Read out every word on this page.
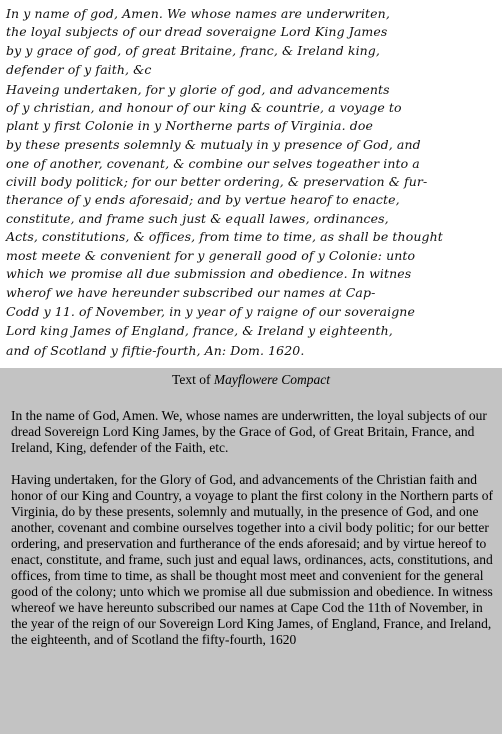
In y name of god, Amen. We whose names are underwriten,
the loyal subjects of our dread soveraigne Lord King James
by y grace of god, of great Britaine, franc, & Ireland king,
defender of y faith, &c
Haveing undertaken, for y glorie of god, and advancements
of y christian, and honour of our king & countrie, a voyage to
plant y first Colonie in y Northerne parts of Virginia. doe
by these presents solemnly & mutualy in y presence of God, and
one of another, covenant, & combine our selves togeather into a
civill body politick; for our better ordering, & preservation & fur-
therance of y ends aforesaid; and by vertue hearof to enacte,
constitute, and frame such just & equall lawes, ordinances,
Acts, constitutions, & offices, from time to time, as shall be thought
most meete & convenient for y generall good of y Colonie: unto
which we promise all due submission and obedience. In witnes
wherof we have hereunder subscribed our names at Cap-
Codd y 11. of November, in y year of y raigne of our soveraigne
Lord king James of England, france, & Ireland y eighteenth,
and of Scotland y fiftie-fourth, An: Dom. 1620.
Text of Mayflowere Compact

In the name of God, Amen. We, whose names are underwritten, the loyal subjects of our dread Sovereign Lord King James, by the Grace of God, of Great Britain, France, and Ireland, King, defender of the Faith, etc.

Having undertaken, for the Glory of God, and advancements of the Christian faith and honor of our King and Country, a voyage to plant the first colony in the Northern parts of Virginia, do by these presents, solemnly and mutually, in the presence of God, and one another, covenant and combine ourselves together into a civil body politic; for our better ordering, and preservation and furtherance of the ends aforesaid; and by virtue hereof to enact, constitute, and frame, such just and equal laws, ordinances, acts, constitutions, and offices, from time to time, as shall be thought most meet and convenient for the general good of the colony; unto which we promise all due submission and obedience. In witness whereof we have hereunto subscribed our names at Cape Cod the 11th of November, in the year of the reign of our Sovereign Lord King James, of England, France, and Ireland, the eighteenth, and of Scotland the fifty-fourth, 1620
